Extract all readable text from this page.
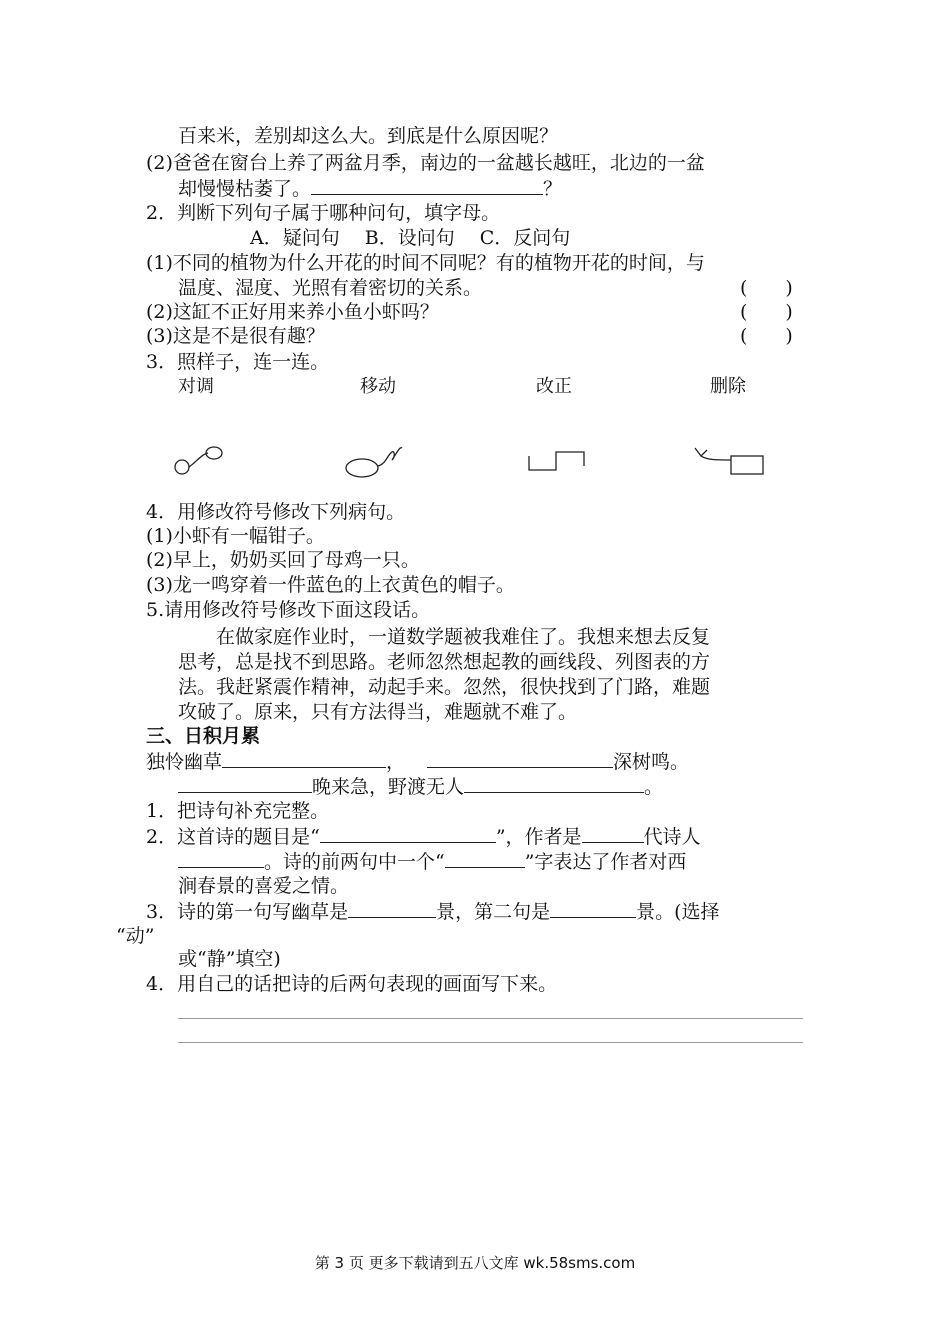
百来米，差别却这么大。到底是什么原因呢？
(2)爸爸在窗台上养了两盆月季，南边的一盆越长越旺，北边的一盆
却慢慢枯萎了。	？
2．判断下列句子属于哪种问句，填字母。
A．疑问句　 B．设问句　 C．反问句
(1)不同的植物为什么开花的时间不同呢？有的植物开花的时间，与
温度、湿度、光照有着密切的关系。	(　　)
(2)这缸不正好用来养小鱼小虾吗？	(　　)
(3)这是不是很有趣？	(　　)
3．照样子，连一连。
对调	移动	改正	删除
4．用修改符号修改下列病句。
(1)小虾有一幅钳子。
(2)早上，奶奶买回了母鸡一只。
(3)龙一鸣穿着一件蓝色的上衣黄色的帽子。
5.请用修改符号修改下面这段话。
　　在做家庭作业时，一道数学题被我难住了。我想来想去反复
思考，总是找不到思路。老师忽然想起教的画线段、列图表的方
法。我赶紧震作精神，动起手来。忽然，很快找到了门路，难题
攻破了。原来，只有方法得当，难题就不难了。
三、日积月累
独怜幽草	，	深树鸣。
晚来急，野渡无人	。
1．把诗句补充完整。
2．这首诗的题目是“	”，作者是	代诗人
。诗的前两句中一个“	”字表达了作者对西
涧春景的喜爱之情。
3．诗的第一句写幽草是	景，第二句是	景。(选择
“动”
或“静”填空)
4．用自己的话把诗的后两句表现的画面写下来。
第 3 页 更多下载请到五八文库 wk.58sms.com
